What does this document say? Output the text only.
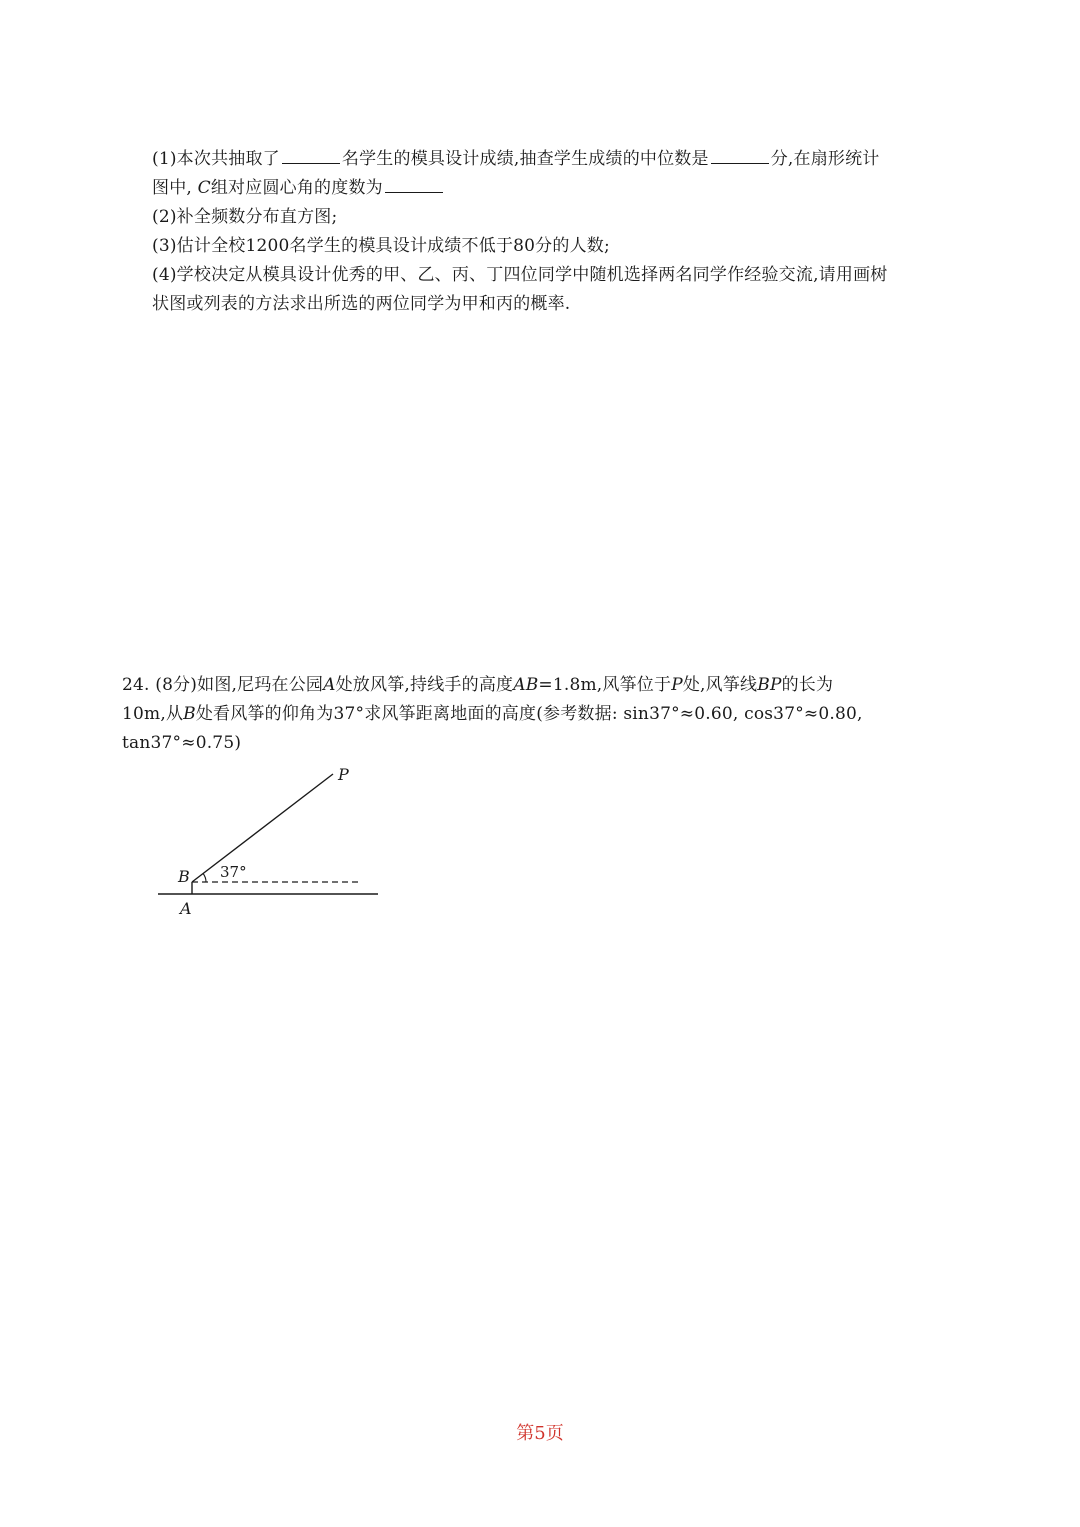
(1)本次共抽取了	名学生的模具设计成绩,抽查学生成绩的中位数是	分,在扇形统计
图中, C组对应圆心角的度数为
(2)补全频数分布直方图;
(3)估计全校1200名学生的模具设计成绩不低于80分的人数;
(4)学校决定从模具设计优秀的甲、乙、丙、丁四位同学中随机选择两名同学作经验交流,请用画树
状图或列表的方法求出所选的两位同学为甲和丙的概率.
24. (8分)如图,尼玛在公园A处放风筝,持线手的高度AB=1.8m,风筝位于P处,风筝线BP的长为
10m,从B处看风筝的仰角为37°求风筝距离地面的高度(参考数据: sin37°≈0.60, cos37°≈0.80,
tan37°≈0.75)
P
B
A
37°
第5页
